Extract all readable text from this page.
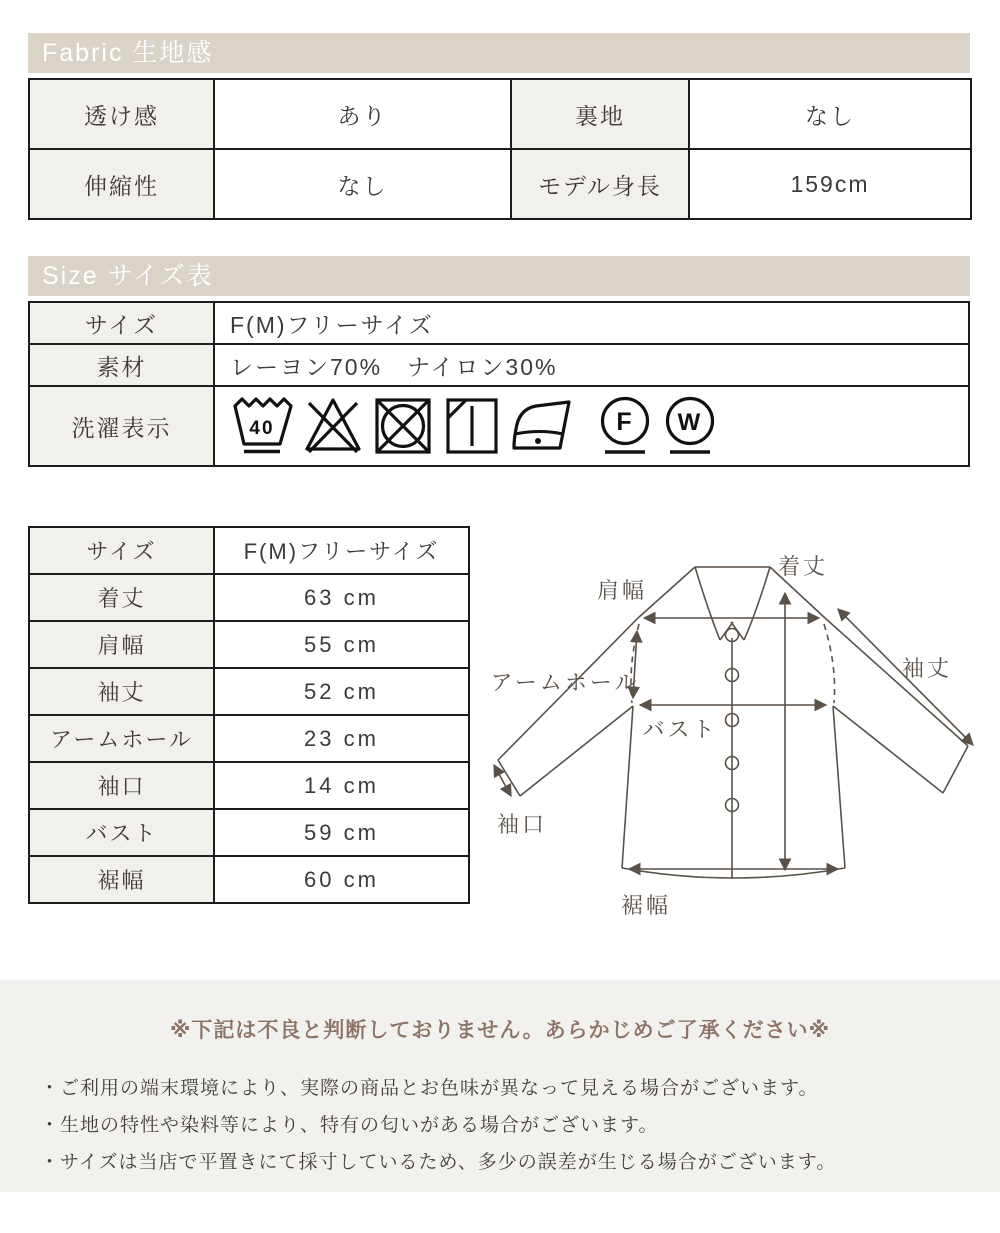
Fabric 生地感
透け感	あり	裏地	なし
伸縮性	なし	モデル身長	159cm
Size サイズ表
サイズ	F(M)フリーサイズ
素材	レーヨン70%　ナイロン30%
洗濯表示	40 F W
サイズ	F(M)フリーサイズ
着丈	63 cm
肩幅	55 cm
袖丈	52 cm
アームホール	23 cm
袖口	14 cm
バスト	59 cm
裾幅	60 cm
着丈
肩幅
アームホール
袖丈
バスト
袖口
裾幅
※下記は不良と判断しておりません。あらかじめご了承ください※
・ご利用の端末環境により、実際の商品とお色味が異なって見える場合がございます。
・生地の特性や染料等により、特有の匂いがある場合がございます。
・サイズは当店で平置きにて採寸しているため、多少の誤差が生じる場合がございます。
